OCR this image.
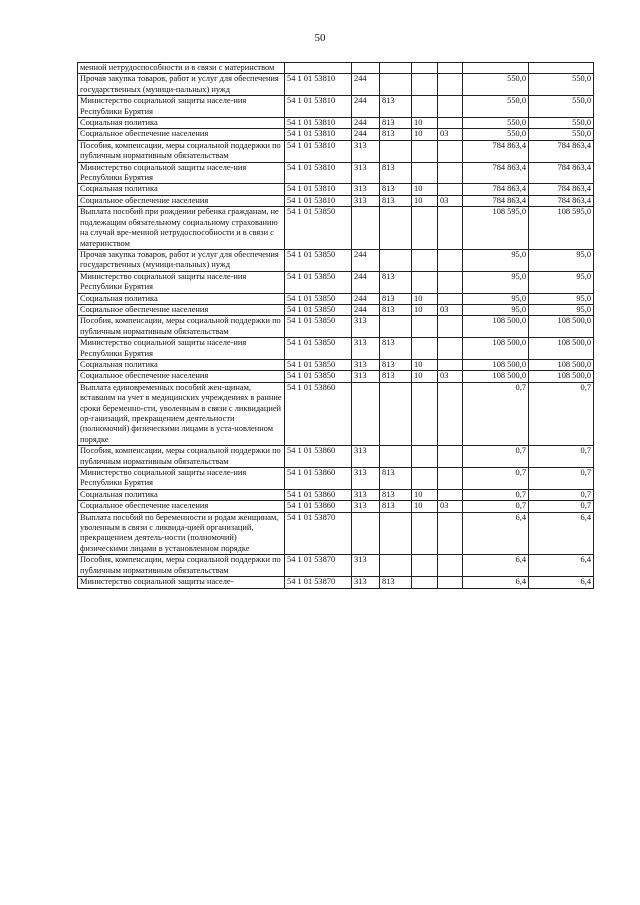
50
менной нетрудоспособности и в связи с материнством							
Прочая закупка товаров, работ и услуг для обеспечения государственных (муници-пальных) нужд	54 1 01 53810	244				550,0	550,0
Министерство социальной защиты населе-ния Республики Бурятия	54 1 01 53810	244	813			550,0	550,0
Социальная политика	54 1 01 53810	244	813	10		550,0	550,0
Социальное обеспечение населения	54 1 01 53810	244	813	10	03	550,0	550,0
Пособия, компенсации, меры социальной поддержки по публичным нормативным обязательствам	54 1 01 53810	313				784 863,4	784 863,4
Министерство социальной защиты населе-ния Республики Бурятия	54 1 01 53810	313	813			784 863,4	784 863,4
Социальная политика	54 1 01 53810	313	813	10		784 863,4	784 863,4
Социальное обеспечение населения	54 1 01 53810	313	813	10	03	784 863,4	784 863,4
Выплата пособий при рождении ребенка гражданам, не подлежащим обязательному социальному страхованию на случай вре-менной нетрудоспособности и в связи с материнством	54 1 01 53850					108 595,0	108 595,0
Прочая закупка товаров, работ и услуг для обеспечения государственных (муници-пальных) нужд	54 1 01 53850	244				95,0	95,0
Министерство социальной защиты населе-ния Республики Бурятия	54 1 01 53850	244	813			95,0	95,0
Социальная политика	54 1 01 53850	244	813	10		95,0	95,0
Социальное обеспечение населения	54 1 01 53850	244	813	10	03	95,0	95,0
Пособия, компенсации, меры социальной поддержки по публичным нормативным обязательствам	54 1 01 53850	313				108 500,0	108 500,0
Министерство социальной защиты населе-ния Республики Бурятия	54 1 01 53850	313	813			108 500,0	108 500,0
Социальная политика	54 1 01 53850	313	813	10		108 500,0	108 500,0
Социальное обеспечение населения	54 1 01 53850	313	813	10	03	108 500,0	108 500,0
Выплата единовременных пособий жен-щинам, вставшим на учет в медицинских учреждениях в ранние сроки беременно-сти, уволенным в связи с ликвидацией ор-ганизаций, прекращением деятельности (полномочий) физическими лицами в уста-новленном порядке	54 1 01 53860					0,7	0,7
Пособия, компенсации, меры социальной поддержки по публичным нормативным обязательствам	54 1 01 53860	313				0,7	0,7
Министерство социальной защиты населе-ния Республики Бурятия	54 1 01 53860	313	813			0,7	0,7
Социальная политика	54 1 01 53860	313	813	10		0,7	0,7
Социальное обеспечение населения	54 1 01 53860	313	813	10	03	0,7	0,7
Выплата пособий по беременности и родам женщинам, уволенным в связи с ликвида-цией организаций, прекращением деятель-ности (полномочий) физическими лицами в установленном порядке	54 1 01 53870					6,4	6,4
Пособия, компенсации, меры социальной поддержки по публичным нормативным обязательствам	54 1 01 53870	313				6,4	6,4
Министерство социальной защиты населе-	54 1 01 53870	313	813			6,4	6,4
